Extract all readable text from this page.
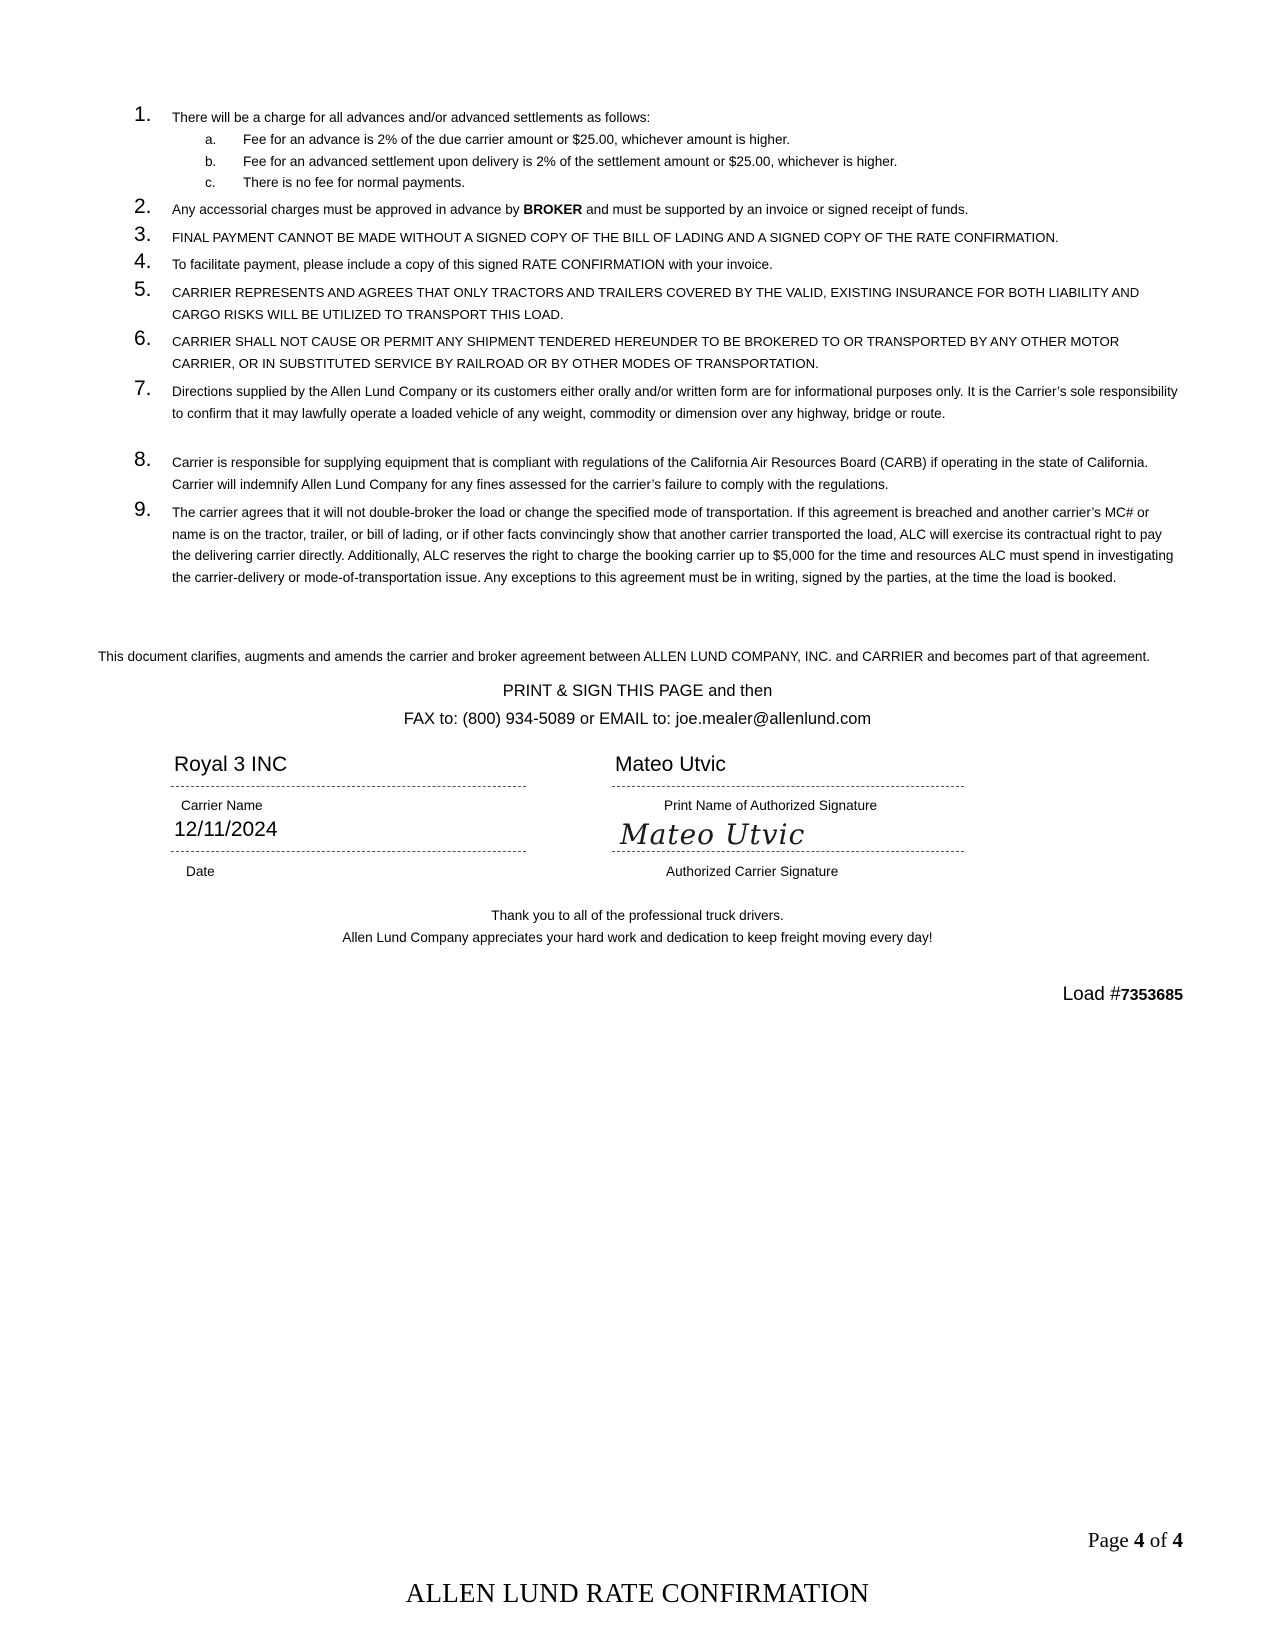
1. There will be a charge for all advances and/or advanced settlements as follows:
a. Fee for an advance is 2% of the due carrier amount or $25.00, whichever amount is higher.
b. Fee for an advanced settlement upon delivery is 2% of the settlement amount or $25.00, whichever is higher.
c. There is no fee for normal payments.
2. Any accessorial charges must be approved in advance by BROKER and must be supported by an invoice or signed receipt of funds.
3. FINAL PAYMENT CANNOT BE MADE WITHOUT A SIGNED COPY OF THE BILL OF LADING AND A SIGNED COPY OF THE RATE CONFIRMATION.
4. To facilitate payment, please include a copy of this signed RATE CONFIRMATION with your invoice.
5. CARRIER REPRESENTS AND AGREES THAT ONLY TRACTORS AND TRAILERS COVERED BY THE VALID, EXISTING INSURANCE FOR BOTH LIABILITY AND CARGO RISKS WILL BE UTILIZED TO TRANSPORT THIS LOAD.
6. CARRIER SHALL NOT CAUSE OR PERMIT ANY SHIPMENT TENDERED HEREUNDER TO BE BROKERED TO OR TRANSPORTED BY ANY OTHER MOTOR CARRIER, OR IN SUBSTITUTED SERVICE BY RAILROAD OR BY OTHER MODES OF TRANSPORTATION.
7. Directions supplied by the Allen Lund Company or its customers either orally and/or written form are for informational purposes only. It is the Carrier’s sole responsibility to confirm that it may lawfully operate a loaded vehicle of any weight, commodity or dimension over any highway, bridge or route.
8. Carrier is responsible for supplying equipment that is compliant with regulations of the California Air Resources Board (CARB) if operating in the state of California. Carrier will indemnify Allen Lund Company for any fines assessed for the carrier’s failure to comply with the regulations.
9. The carrier agrees that it will not double-broker the load or change the specified mode of transportation. If this agreement is breached and another carrier’s MC# or name is on the tractor, trailer, or bill of lading, or if other facts convincingly show that another carrier transported the load, ALC will exercise its contractual right to pay the delivering carrier directly. Additionally, ALC reserves the right to charge the booking carrier up to $5,000 for the time and resources ALC must spend in investigating the carrier-delivery or mode-of-transportation issue. Any exceptions to this agreement must be in writing, signed by the parties, at the time the load is booked.
This document clarifies, augments and amends the carrier and broker agreement between ALLEN LUND COMPANY, INC. and CARRIER and becomes part of that agreement.
PRINT & SIGN THIS PAGE and then
FAX to: (800) 934-5089 or EMAIL to: joe.mealer@allenlund.com
Royal 3 INC
Carrier Name
Mateo Utvic
Print Name of Authorized Signature
12/11/2024
Date
Mateo Utvic
Authorized Carrier Signature
Thank you to all of the professional truck drivers.
Allen Lund Company appreciates your hard work and dedication to keep freight moving every day!
Load #7353685
Page 4 of 4
ALLEN LUND RATE CONFIRMATION
